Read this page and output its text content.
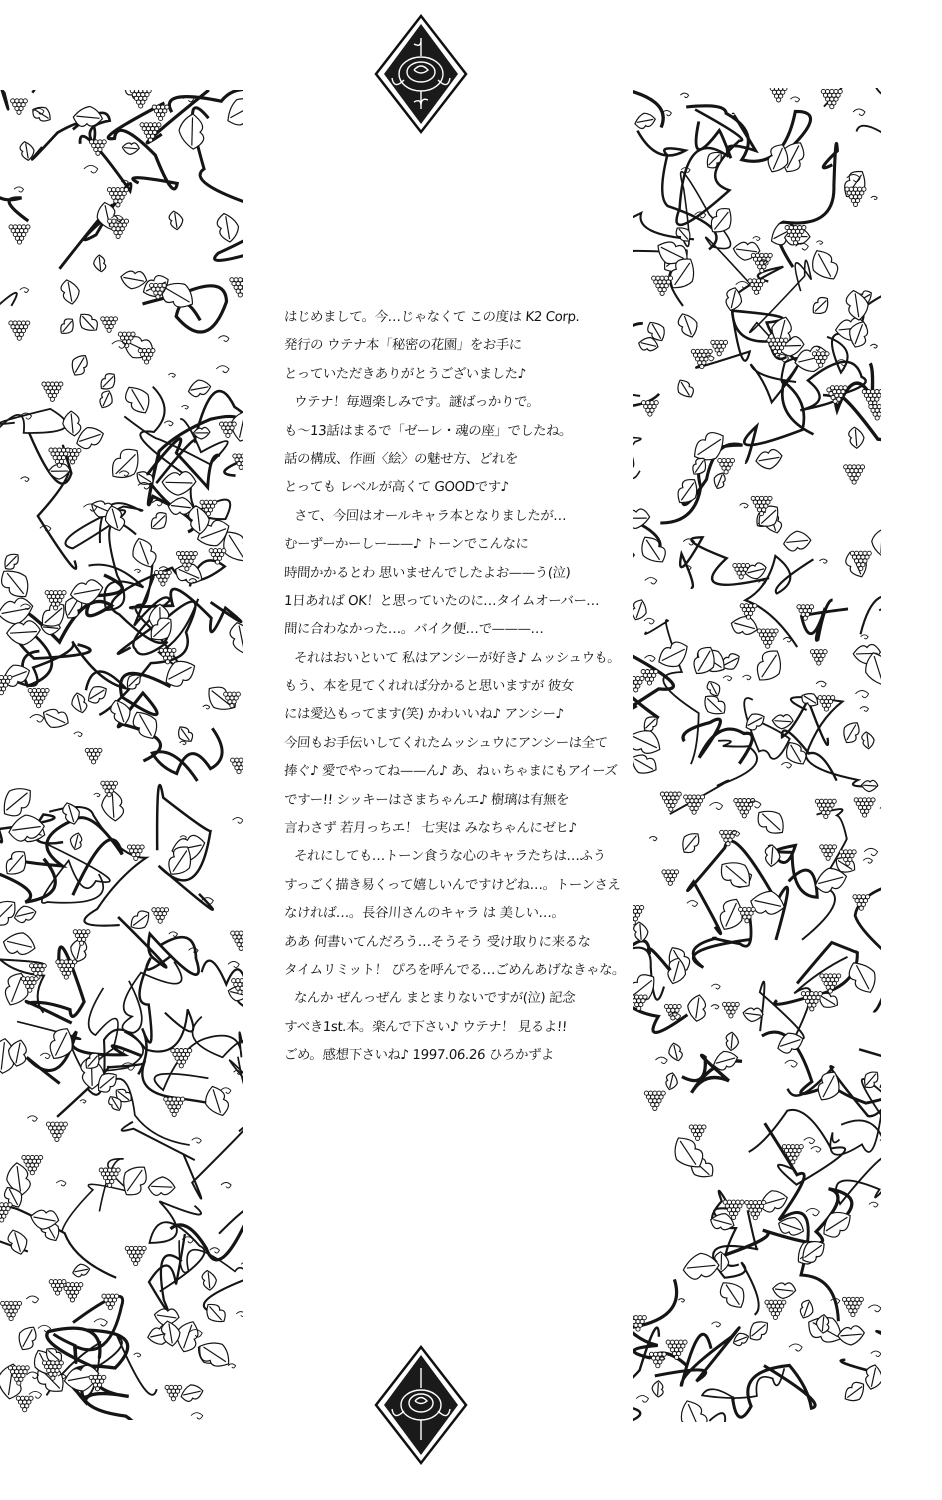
はじめまして。今…じゃなくて この度は K2 Corp.
発行の ウテナ本「秘密の花園」をお手に
とっていただきありがとうございました♪
ウテナ！毎週楽しみです。謎ばっかりで。
も～13話はまるで「ゼーレ・魂の座」でしたね。
話の構成、作画〈絵〉の魅せ方、どれを
とっても レベルが高くて GOODです♪
さて、今回はオールキャラ本となりましたが…
むーずーかーしー——♪ トーンでこんなに
時間かかるとわ 思いませんでしたよお——う(泣)
1日あれば OK！と思っていたのに…タイムオーバー…
間に合わなかった…。バイク便…で———…
それはおいといて 私はアンシーが好き♪ ムッシュウも。
もう、本を見てくれれば分かると思いますが 彼女
には愛込もってます(笑) かわいいね♪ アンシー♪
今回もお手伝いしてくれたムッシュウにアンシーは全て
捧ぐ♪ 愛でやってね——ん♪ あ、ねぃちゃまにもアイーズ
ですー!! シッキーはさまちゃんエ♪ 樹璃は有無を
言わさず 若月っちエ！ 七実は みなちゃんにゼヒ♪
それにしても…トーン食うな心のキャラたちは…ふう
すっごく描き易くって嬉しいんですけどね…。トーンさえ
なければ…。長谷川さんのキャラ は 美しい…。
ああ 何書いてんだろう…そうそう 受け取りに来るな
タイムリミット！ ぴろを呼んでる…ごめんあげなきゃな。
なんか ぜんっぜん まとまりないですが(泣) 記念
すべき1st.本。楽んで下さい♪ ウテナ！ 見るよ!!
ごめ。感想下さいね♪ 1997.06.26 ひろかずよ
